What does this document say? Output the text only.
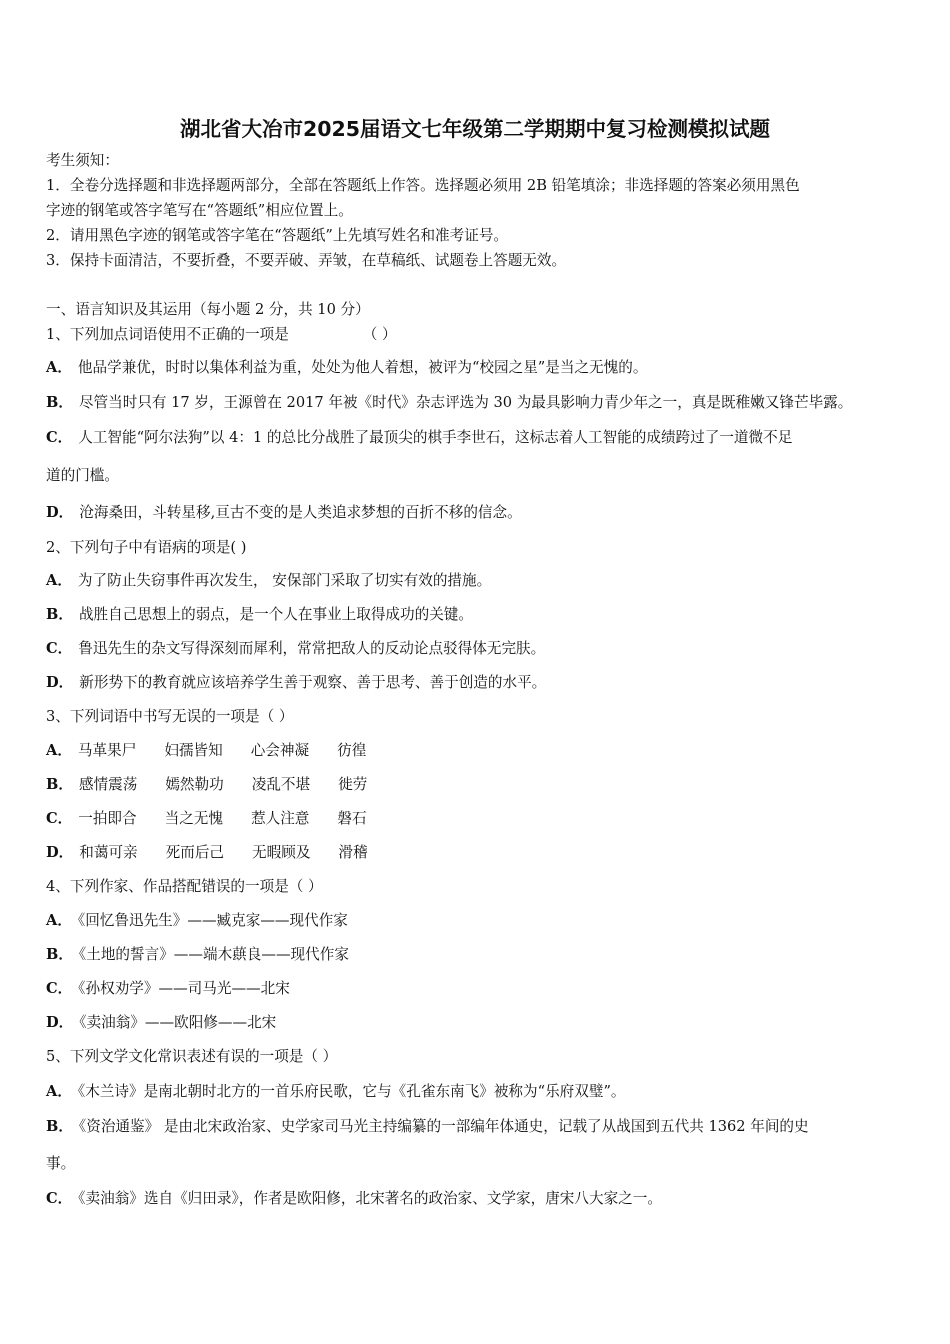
湖北省大冶市2025届语文七年级第二学期期中复习检测模拟试题
考生须知：
1．全卷分选择题和非选择题两部分，全部在答题纸上作答。选择题必须用 2B 铅笔填涂；非选择题的答案必须用黑色
字迹的钢笔或答字笔写在“答题纸”相应位置上。
2．请用黑色字迹的钢笔或答字笔在“答题纸”上先填写姓名和准考证号。
3．保持卡面清洁，不要折叠，不要弄破、弄皱，在草稿纸、试题卷上答题无效。
一、语言知识及其运用（每小题 2 分，共 10 分）
1、下列加点词语使用不正确的一项是	（ ）
A． 他品学兼优，时时以集体利益为重，处处为他人着想，被评为“校园之星”是当之无愧的。
B． 尽管当时只有 17 岁，王源曾在 2017 年被《时代》杂志评选为 30 为最具影响力青少年之一，真是既稚嫩又锋芒毕露。
C． 人工智能“阿尔法狗”以 4：1 的总比分战胜了最顶尖的棋手李世石，这标志着人工智能的成绩跨过了一道微不足
道的门槛。
D． 沧海桑田，斗转星移,亘古不变的是人类追求梦想的百折不移的信念。
2、下列句子中有语病的项是( )
A． 为了防止失窃事件再次发生， 安保部门采取了切实有效的措施。
B． 战胜自己思想上的弱点，是一个人在事业上取得成功的关键。
C． 鲁迅先生的杂文写得深刻而犀利，常常把敌人的反动论点驳得体无完肤。
D． 新形势下的教育就应该培养学生善于观察、善于思考、善于创造的水平。
3、下列词语中书写无误的一项是（ ）
A． 马革果尸 妇孺皆知 心会神凝 彷徨
B． 感情震荡 嫣然勒功 凌乱不堪 徙劳
C． 一拍即合 当之无愧 惹人注意 磐石
D． 和蔼可亲 死而后己 无暇顾及 滑稽
4、下列作家、作品搭配错误的一项是（ ）
A． 《回忆鲁迅先生》——臧克家——现代作家
B． 《土地的誓言》——端木蕻良——现代作家
C． 《孙权劝学》——司马光——北宋
D． 《卖油翁》——欧阳修——北宋
5、下列文学文化常识表述有误的一项是（ ）
A． 《木兰诗》是南北朝时北方的一首乐府民歌，它与《孔雀东南飞》被称为“乐府双璧”。
B． 《资治通鉴》 是由北宋政治家、史学家司马光主持编纂的一部编年体通史，记载了从战国到五代共 1362 年间的史
事。
C． 《卖油翁》选自《归田录》，作者是欧阳修，北宋著名的政治家、文学家，唐宋八大家之一。
